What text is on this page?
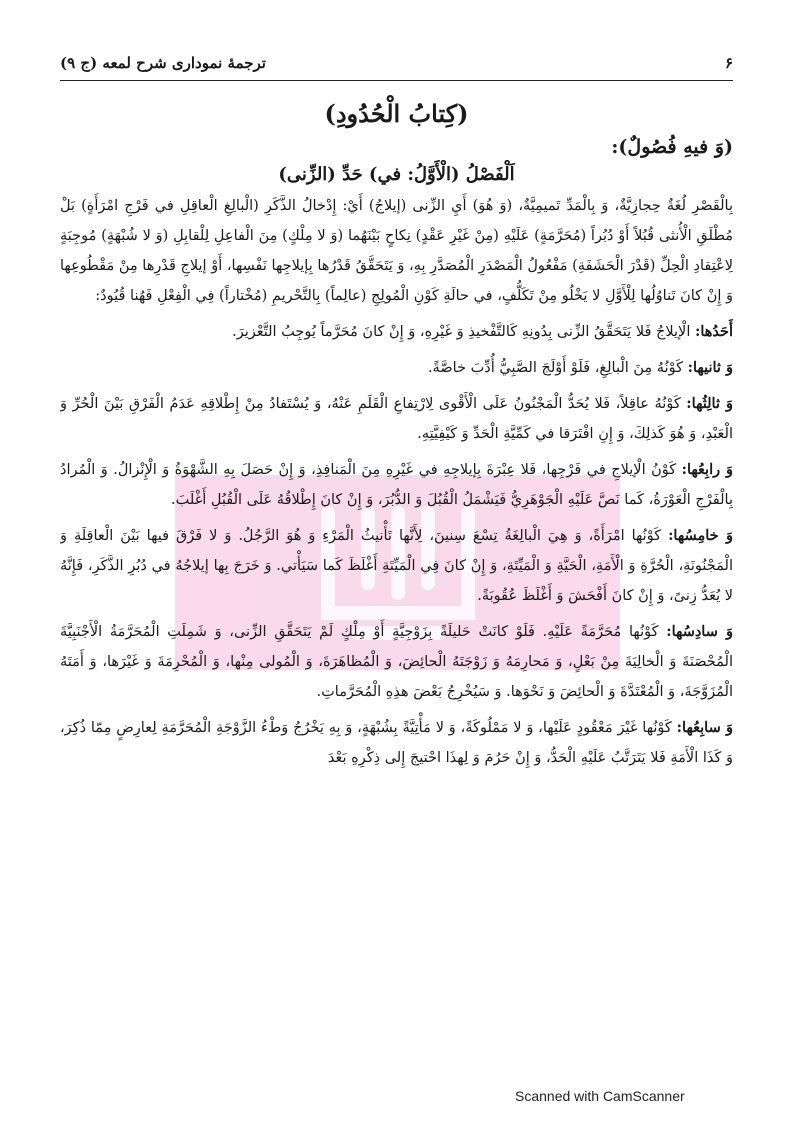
۶
ترجمهٔ نموداری شرح لمعه (ج ۹)
(كِتابُ الْحُدُودِ)
(وَ فيهِ فُصُولٌ):
اَلْفَصْلُ (الْأَوَّلُ: في) حَدِّ (الزِّنى)

بِالْقَصْرِ لُغَةٌ حِجازِيَّةٌ، وَ بِالْمَدِّ تَميمِيَّةٌ، (وَ هُوَ) أَيِ الزِّنى (إيلاجُ) أَيْ: إِدْخالُ الذَّكَرِ (الْبالِغِ الْعاقِلِ في فَرْجِ امْرَأَةٍ) بَلْ مُطْلَقِ الْأُنثى قُبُلاً أَوْ دُبُراً (مُحَرَّمَةٍ) عَلَيْهِ (مِنْ غَيْرِ عَقْدٍ) نِكاحٍ بَيْنَهُما (وَ لا مِلْكٍ) مِنَ الْفاعِلِ لِلْقابِلِ (وَ لا شُبْهَةٍ) مُوجِبَةٍ لِاعْتِقادِ الْحِلِّ (قَدْرَ الْحَشَفَةِ) مَفْعُولُ الْمَصْدَرِ الْمُصَدَّرِ بِهِ، وَ يَتَحَقَّقُ قَدْرُها بِإيلاجِها نَفْسِها، أَوْ إيلاجِ قَدْرِها مِنْ مَقْطُوعِها وَ إِنْ كانَ تَناوُلُها لِلْأَوَّلِ لا يَخْلُو مِنْ تَكَلُّفٍ، في حالَةِ كَوْنِ الْمُولِجِ (عالِماً) بِالتَّحْريمِ (مُخْتاراً) فِي الْفِعْلِ فَهُنا قُيُودٌ:

أَحَدُها: الْإيلاجُ فَلا يَتَحَقَّقُ الزِّنى بِدُونِهِ كَالتَّفْخيذِ وَ غَيْرِهِ، وَ إِنْ كانَ مُحَرَّماً يُوجِبُ التَّعْزيرَ.

وَ ثانيها: كَوْنُهُ مِنَ الْبالِغِ، فَلَوْ أَوْلَجَ الصَّبِيُّ أُدِّبَ خاصَّةً.

وَ ثالِثُها: كَوْنُهُ عاقِلاً، فَلا يُحَدُّ الْمَجْنُونُ عَلَى الْأَقْوى لِارْتِفاعِ الْقَلَمِ عَنْهُ، وَ يُسْتَفادُ مِنْ إِطْلاقِهِ عَدَمُ الْفَرْقِ بَيْنَ الْحُرِّ وَ الْعَبْدِ، وَ هُوَ كَذلِكَ، وَ إِنِ افْتَرَقا في كَمِّيَّةِ الْحَدِّ وَ كَيْفِيَّتِهِ.

وَ رابِعُها: كَوْنُ الْإيلاجِ في فَرْجِها، فَلا عِبْرَةَ بِإيلاجِهِ في غَيْرِهِ مِنَ الْمَنافِذِ، وَ إِنْ حَصَلَ بِهِ الشَّهْوَةُ وَ الْإِنْزالُ. وَ الْمُرادُ بِالْفَرْجِ الْعَوْرَةُ، كَما نَصَّ عَلَيْهِ الْجَوْهَرِيُّ فَيَشْمَلُ الْقُبُلَ وَ الدُّبُرَ، وَ إِنْ كانَ إِطْلاقُهُ عَلَى الْقُبُلِ أَغْلَبَ.

وَ خامِسُها: كَوْنُها امْرَأَةً، وَ هِيَ الْبالِغَةُ تِسْعَ سِنينَ، لِأَنَّها تَأْنيثُ الْمَرْءِ وَ هُوَ الرَّجُلُ. وَ لا فَرْقَ فيها بَيْنَ الْعاقِلَةِ وَ الْمَجْنُونَةِ، الْحُرَّةِ وَ الْأَمَةِ، الْحَيَّةِ وَ الْمَيِّتَةِ، وَ إِنْ كانَ فِي الْمَيِّتَةِ أَغْلَظَ كَما سَيَأْتي. وَ خَرَجَ بِها إيلاجُهُ في دُبُرِ الذَّكَرِ، فَإِنَّهُ لا يُعَدُّ زِنىً، وَ إِنْ كانَ أَفْحَشَ وَ أَغْلَظَ عُقُوبَةً.

وَ سادِسُها: كَوْنُها مُحَرَّمَةً عَلَيْهِ. فَلَوْ كانَتْ حَليلَةً بِزَوْجِيَّةٍ أَوْ مِلْكٍ لَمْ يَتَحَقَّقِ الزِّنى، وَ شَمِلَتِ الْمُحَرَّمَةُ الْأَجْنَبِيَّةَ الْمُحْصَنَةَ وَ الْخالِيَةَ مِنْ بَعْلٍ، وَ مَحارِمَهُ وَ زَوْجَتَهُ الْحائِضَ، وَ الْمُظاهَرَةَ، وَ الْمُولى مِنْها، وَ الْمُحْرِمَةَ وَ غَيْرَها، وَ أَمَتَهُ الْمُزَوَّجَةَ، وَ الْمُعْتَدَّةَ وَ الْحائِضَ وَ نَحْوَها. وَ سَيُخْرِجُ بَعْضَ هذِهِ الْمُحَرَّماتِ.

وَ سابِعُها: كَوْنُها غَيْرَ مَعْقُودٍ عَلَيْها، وَ لا مَمْلُوكَةً، وَ لا مَأْتِيَّةً بِشُبْهَةٍ، وَ بِهِ يَخْرُجُ وَطْءُ الزَّوْجَةِ الْمُحَرَّمَةِ لِعارِضٍ مِمّا ذُكِرَ، وَ كَذَا الْأَمَةِ فَلا يَتَرَتَّبُ عَلَيْهِ الْحَدُّ، وَ إِنْ حَرُمَ وَ لِهذَا احْتيجَ إِلى ذِكْرِهِ بَعْدَ

Scanned with CamScanner
